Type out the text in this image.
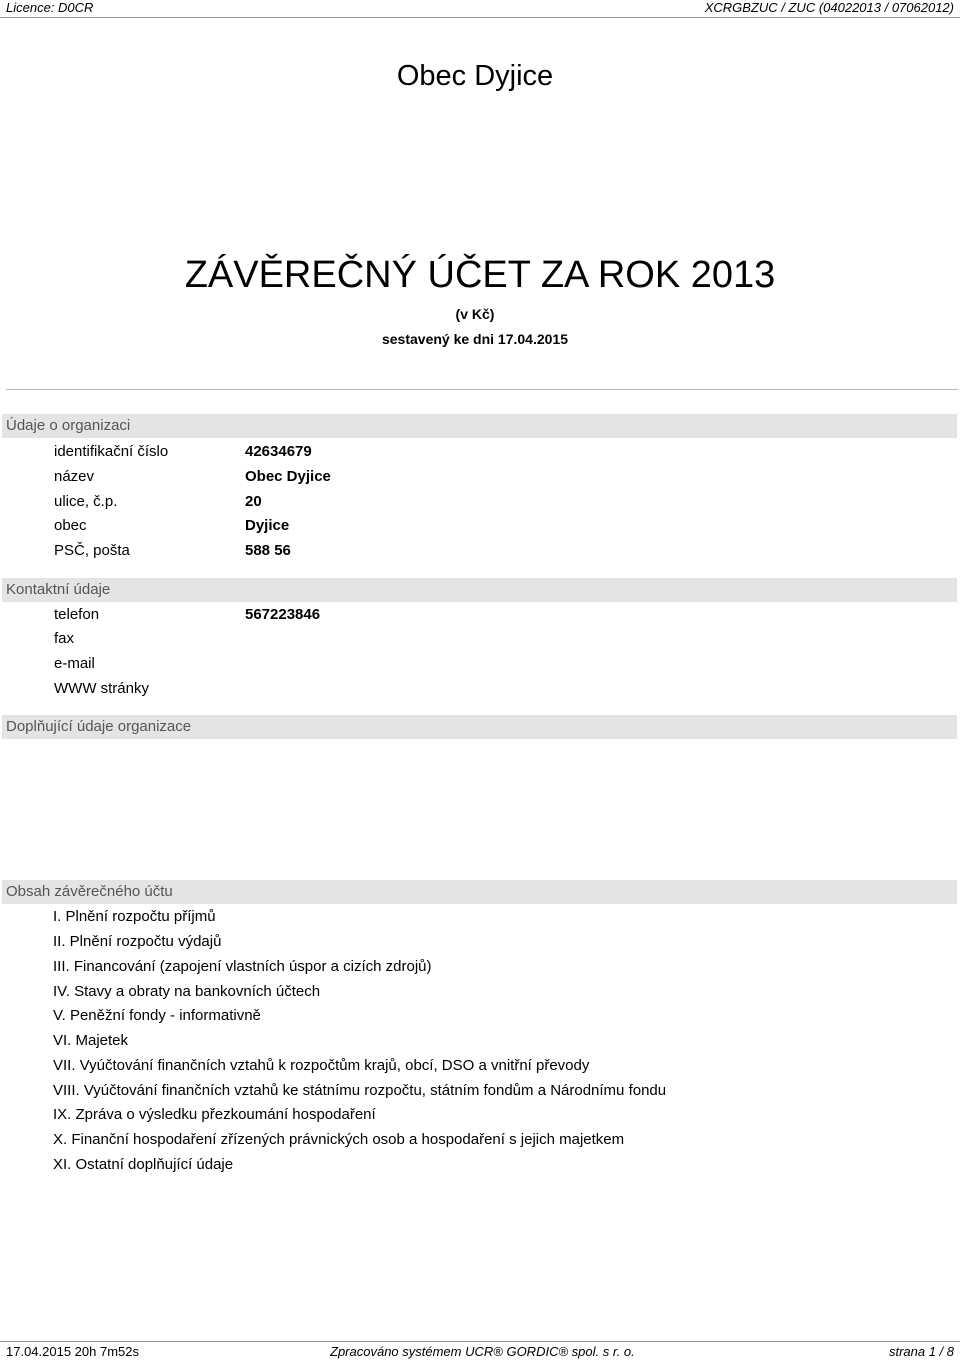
Licence: D0CR	XCRGBZUC / ZUC (04022013 / 07062012)
Obec Dyjice
ZÁVĚREČNÝ ÚČET ZA ROK 2013
(v Kč)
sestavený ke dni 17.04.2015
Údaje o organizaci
identifikační číslo	42634679
název	Obec Dyjice
ulice, č.p.	20
obec	Dyjice
PSČ, pošta	588 56
Kontaktní údaje
telefon	567223846
fax
e-mail
WWW stránky
Doplňující údaje organizace
Obsah závěrečného účtu
I. Plnění rozpočtu příjmů
II. Plnění rozpočtu výdajů
III. Financování (zapojení vlastních úspor a cizích zdrojů)
IV. Stavy a obraty na bankovních účtech
V. Peněžní fondy - informativně
VI. Majetek
VII. Vyúčtování finančních vztahů k rozpočtům krajů, obcí, DSO a vnitřní převody
VIII. Vyúčtování finančních vztahů ke státnímu rozpočtu, státním fondům a Národnímu fondu
IX. Zpráva o výsledku přezkoumání hospodaření
X. Finanční hospodaření zřízených právnických osob a hospodaření s jejich majetkem
XI. Ostatní doplňující údaje
17.04.2015 20h 7m52s	Zpracováno systémem UCR® GORDIC® spol. s r. o.	strana 1 / 8
